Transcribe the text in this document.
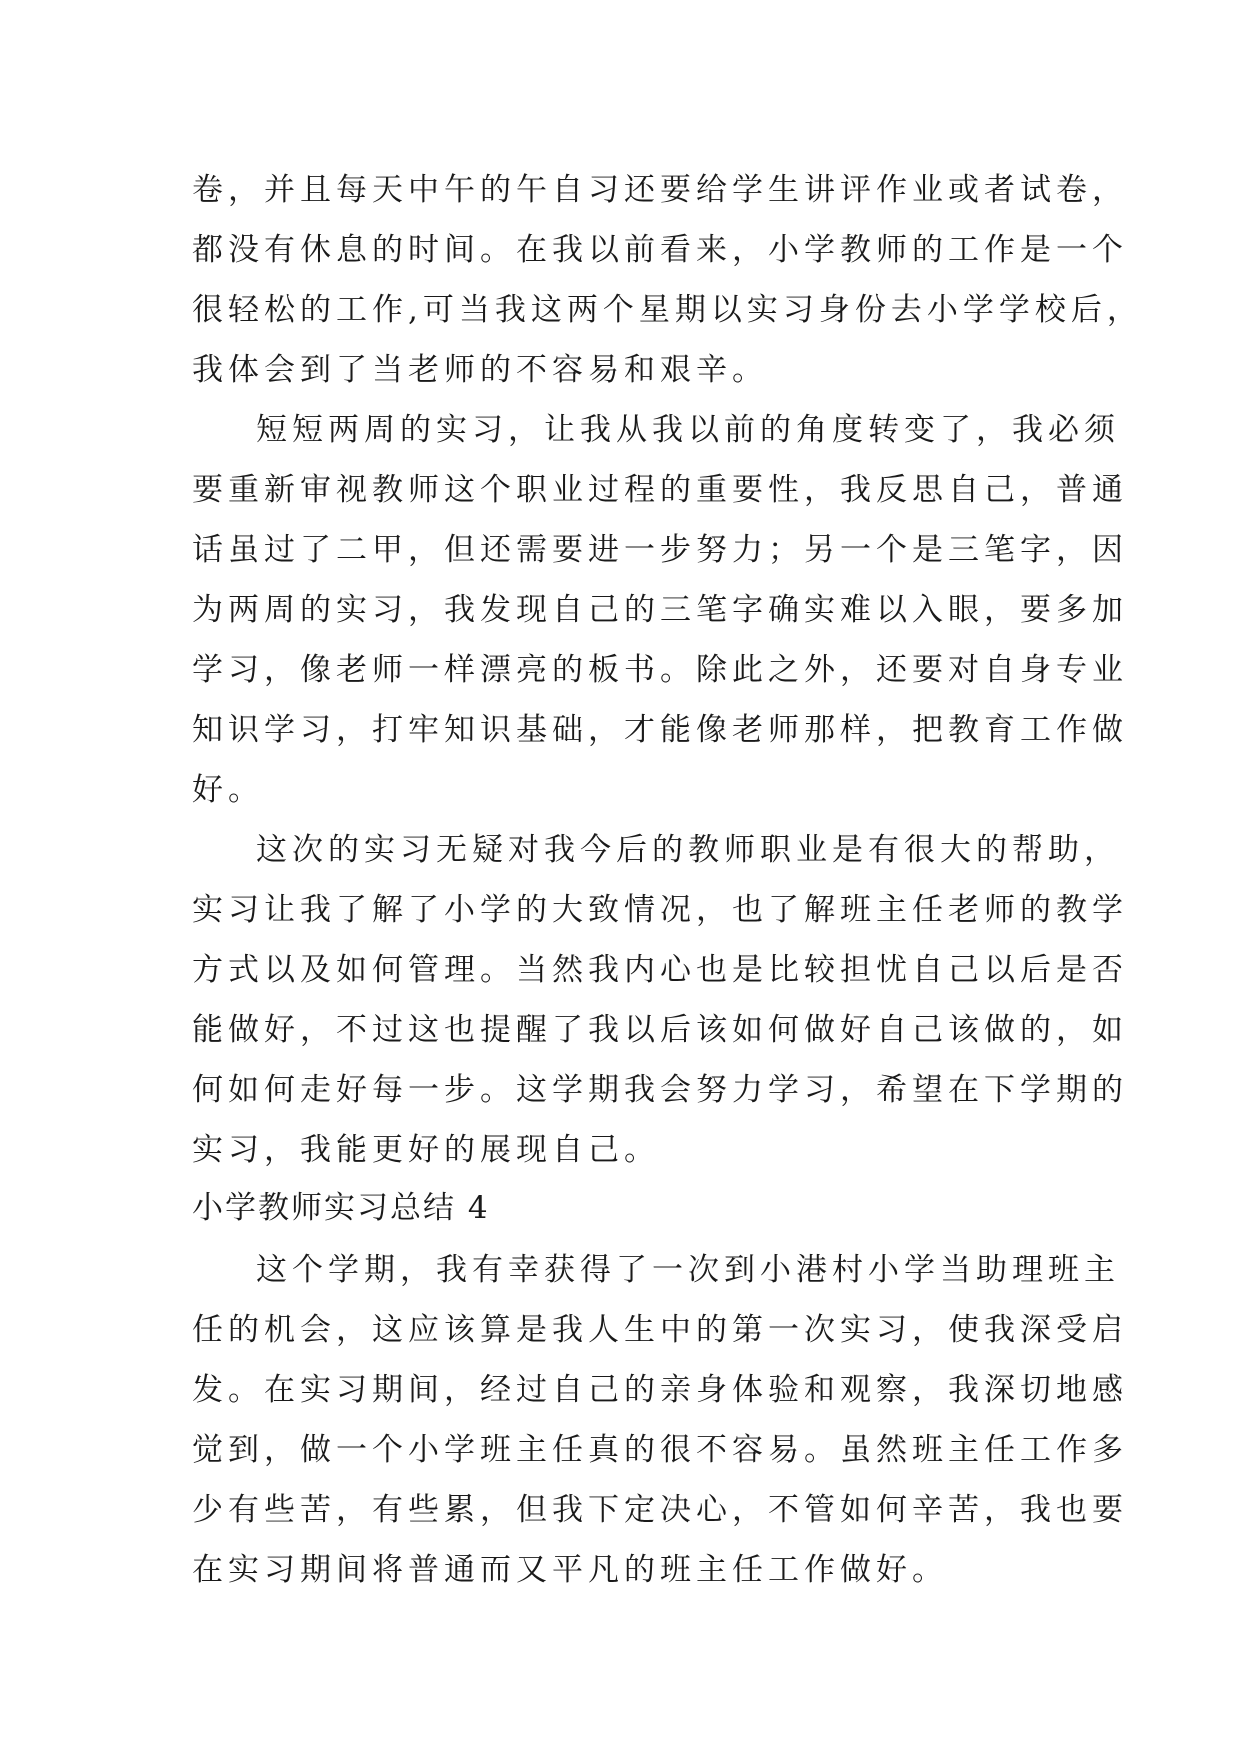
卷，并且每天中午的午自习还要给学生讲评作业或者试卷，
都没有休息的时间。在我以前看来，小学教师的工作是一个
很轻松的工作,可当我这两个星期以实习身份去小学学校后，
我体会到了当老师的不容易和艰辛。
短短两周的实习，让我从我以前的角度转变了，我必须
要重新审视教师这个职业过程的重要性，我反思自己，普通
话虽过了二甲，但还需要进一步努力；另一个是三笔字，因
为两周的实习，我发现自己的三笔字确实难以入眼，要多加
学习，像老师一样漂亮的板书。除此之外，还要对自身专业
知识学习，打牢知识基础，才能像老师那样，把教育工作做
好。
这次的实习无疑对我今后的教师职业是有很大的帮助，
实习让我了解了小学的大致情况，也了解班主任老师的教学
方式以及如何管理。当然我内心也是比较担忧自己以后是否
能做好，不过这也提醒了我以后该如何做好自己该做的，如
何如何走好每一步。这学期我会努力学习，希望在下学期的
实习，我能更好的展现自己。
小学教师实习总结 4
这个学期，我有幸获得了一次到小港村小学当助理班主
任的机会，这应该算是我人生中的第一次实习，使我深受启
发。在实习期间，经过自己的亲身体验和观察，我深切地感
觉到，做一个小学班主任真的很不容易。虽然班主任工作多
少有些苦，有些累，但我下定决心，不管如何辛苦，我也要
在实习期间将普通而又平凡的班主任工作做好。
